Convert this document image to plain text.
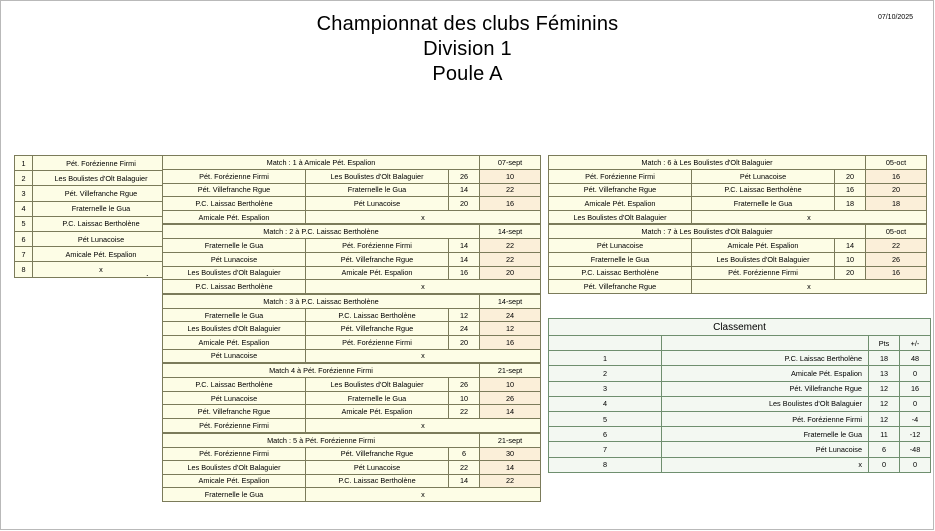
07/10/2025
Championnat des clubs Féminins
Division 1
Poule A
1	Pét. Forézienne Firmi
2	Les Boulistes d'Olt Balaguier
3	Pét. Villefranche Rgue
4	Fraternelle le Gua
5	P.C. Laissac Bertholène
6	Pét Lunacoise
7	Amicale Pét. Espalion
8	x	.
Match : 1 à Amicale Pét. Espalion			07-sept
Pét. Forézienne Firmi	Les Boulistes d'Olt Balaguier	26	10
Pét. Villefranche Rgue	Fraternelle le Gua	14	22
P.C. Laissac Bertholène	Pét Lunacoise	20	16
Amicale Pét. Espalion	x		
Match : 2 à P.C. Laissac Bertholène			14-sept
Fraternelle le Gua	Pét. Forézienne Firmi	14	22
Pét Lunacoise	Pét. Villefranche Rgue	14	22
Les Boulistes d'Olt Balaguier	Amicale Pét. Espalion	16	20
P.C. Laissac Bertholène	x		
Match : 3 à P.C. Laissac Bertholène			14-sept
Fraternelle le Gua	P.C. Laissac Bertholène	12	24
Les Boulistes d'Olt Balaguier	Pét. Villefranche Rgue	24	12
Amicale Pét. Espalion	Pét. Forézienne Firmi	20	16
Pét Lunacoise	x		
Match 4 à Pét. Forézienne Firmi			21-sept
P.C. Laissac Bertholène	Les Boulistes d'Olt Balaguier	26	10
Pét Lunacoise	Fraternelle le Gua	10	26
Pét. Villefranche Rgue	Amicale Pét. Espalion	22	14
Pét. Forézienne Firmi	x		
Match : 5 à Pét. Forézienne Firmi			21-sept
Pét. Forézienne Firmi	Pét. Villefranche Rgue	6	30
Les Boulistes d'Olt Balaguier	Pét Lunacoise	22	14
Amicale Pét. Espalion	P.C. Laissac Bertholène	14	22
Fraternelle le Gua	x		
Match : 6 à Les Boulistes d'Olt Balaguier			05-oct
Pét. Forézienne Firmi	Pét Lunacoise	20	16
Pét. Villefranche Rgue	P.C. Laissac Bertholène	16	20
Amicale Pét. Espalion	Fraternelle le Gua	18	18
Les Boulistes d'Olt Balaguier	x		
Match : 7 à Les Boulistes d'Olt Balaguier			05-oct
Pét Lunacoise	Amicale Pét. Espalion	14	22
Fraternelle le Gua	Les Boulistes d'Olt Balaguier	10	26
P.C. Laissac Bertholène	Pét. Forézienne Firmi	20	16
Pét. Villefranche Rgue	x		
Classement			
		Pts	+/-
1	P.C. Laissac Bertholène	18	48
2	Amicale Pét. Espalion	13	0
3	Pét. Villefranche Rgue	12	16
4	Les Boulistes d'Olt Balaguier	12	0
5	Pét. Forézienne Firmi	12	-4
6	Fraternelle le Gua	11	-12
7	Pét Lunacoise	6	-48
8	x	0	0
